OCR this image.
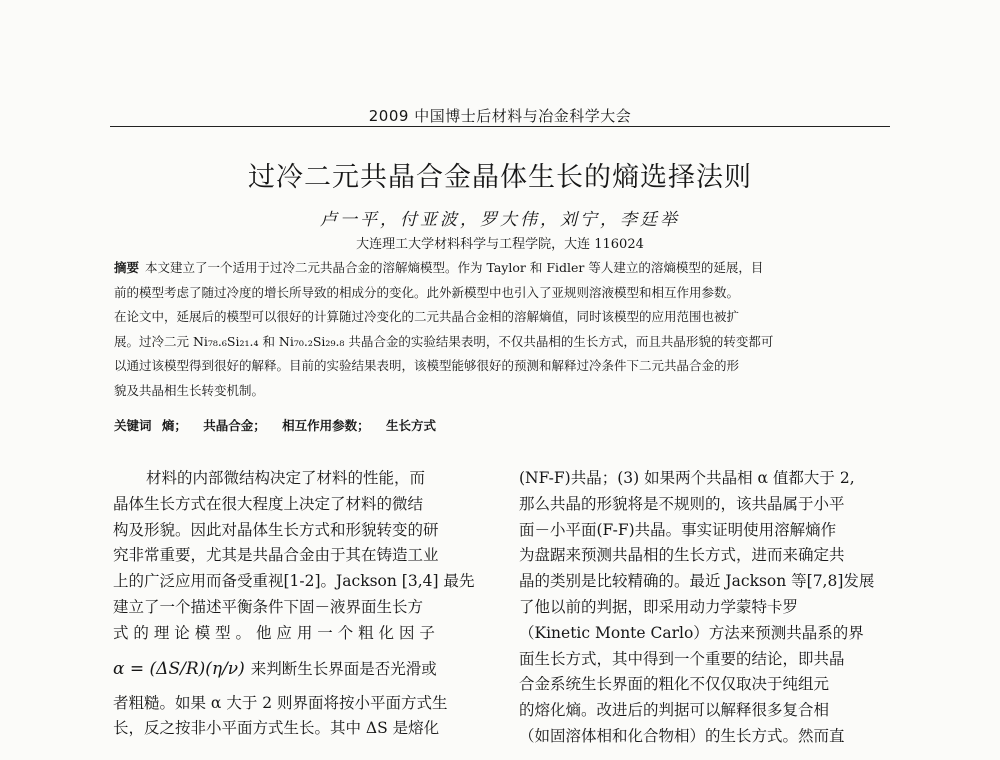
2009 中国博士后材料与冶金科学大会
过冷二元共晶合金晶体生长的熵选择法则
卢一平，付亚波，罗大伟，刘宁，李廷举
大连理工大学材料科学与工程学院，大连 116024
摘要 本文建立了一个适用于过冷二元共晶合金的溶解熵模型。作为 Taylor 和 Fidler 等人建立的溶熵模型的延展，目
前的模型考虑了随过冷度的增长所导致的相成分的变化。此外新模型中也引入了亚规则溶液模型和相互作用参数。
在论文中，延展后的模型可以很好的计算随过冷变化的二元共晶合金相的溶解熵值，同时该模型的应用范围也被扩
展。过冷二元 Ni₇₈.₆Si₂₁.₄ 和 Ni₇₀.₂Si₂₉.₈ 共晶合金的实验结果表明，不仅共晶相的生长方式，而且共晶形貌的转变都可
以通过该模型得到很好的解释。目前的实验结果表明，该模型能够很好的预测和解释过冷条件下二元共晶合金的形
貌及共晶相生长转变机制。
关键词 熵； 共晶合金； 相互作用参数； 生长方式
材料的内部微结构决定了材料的性能，而
晶体生长方式在很大程度上决定了材料的微结
构及形貌。因此对晶体生长方式和形貌转变的研
究非常重要，尤其是共晶合金由于其在铸造工业
上的广泛应用而备受重视[1-2]。Jackson [3,4] 最先
建立了一个描述平衡条件下固－液界面生长方
式 的 理 论 模 型 。 他 应 用 一 个 粗 化 因 子
α = (ΔS/R)(η/ν) 来判断生长界面是否光滑或
者粗糙。如果 α 大于 2 则界面将按小平面方式生
长，反之按非小平面方式生长。其中 ΔS 是熔化
(NF-F)共晶；(3) 如果两个共晶相 α 值都大于 2,
那么共晶的形貌将是不规则的，该共晶属于小平
面－小平面(F-F)共晶。事实证明使用溶解熵作
为盘踞来预测共晶相的生长方式，进而来确定共
晶的类别是比较精确的。最近 Jackson 等[7,8]发展
了他以前的判据，即采用动力学蒙特卡罗
（Kinetic Monte Carlo）方法来预测共晶系的界
面生长方式，其中得到一个重要的结论，即共晶
合金系统生长界面的粗化不仅仅取决于纯组元
的熔化熵。改进后的判据可以解释很多复合相
（如固溶体相和化合物相）的生长方式。然而直
